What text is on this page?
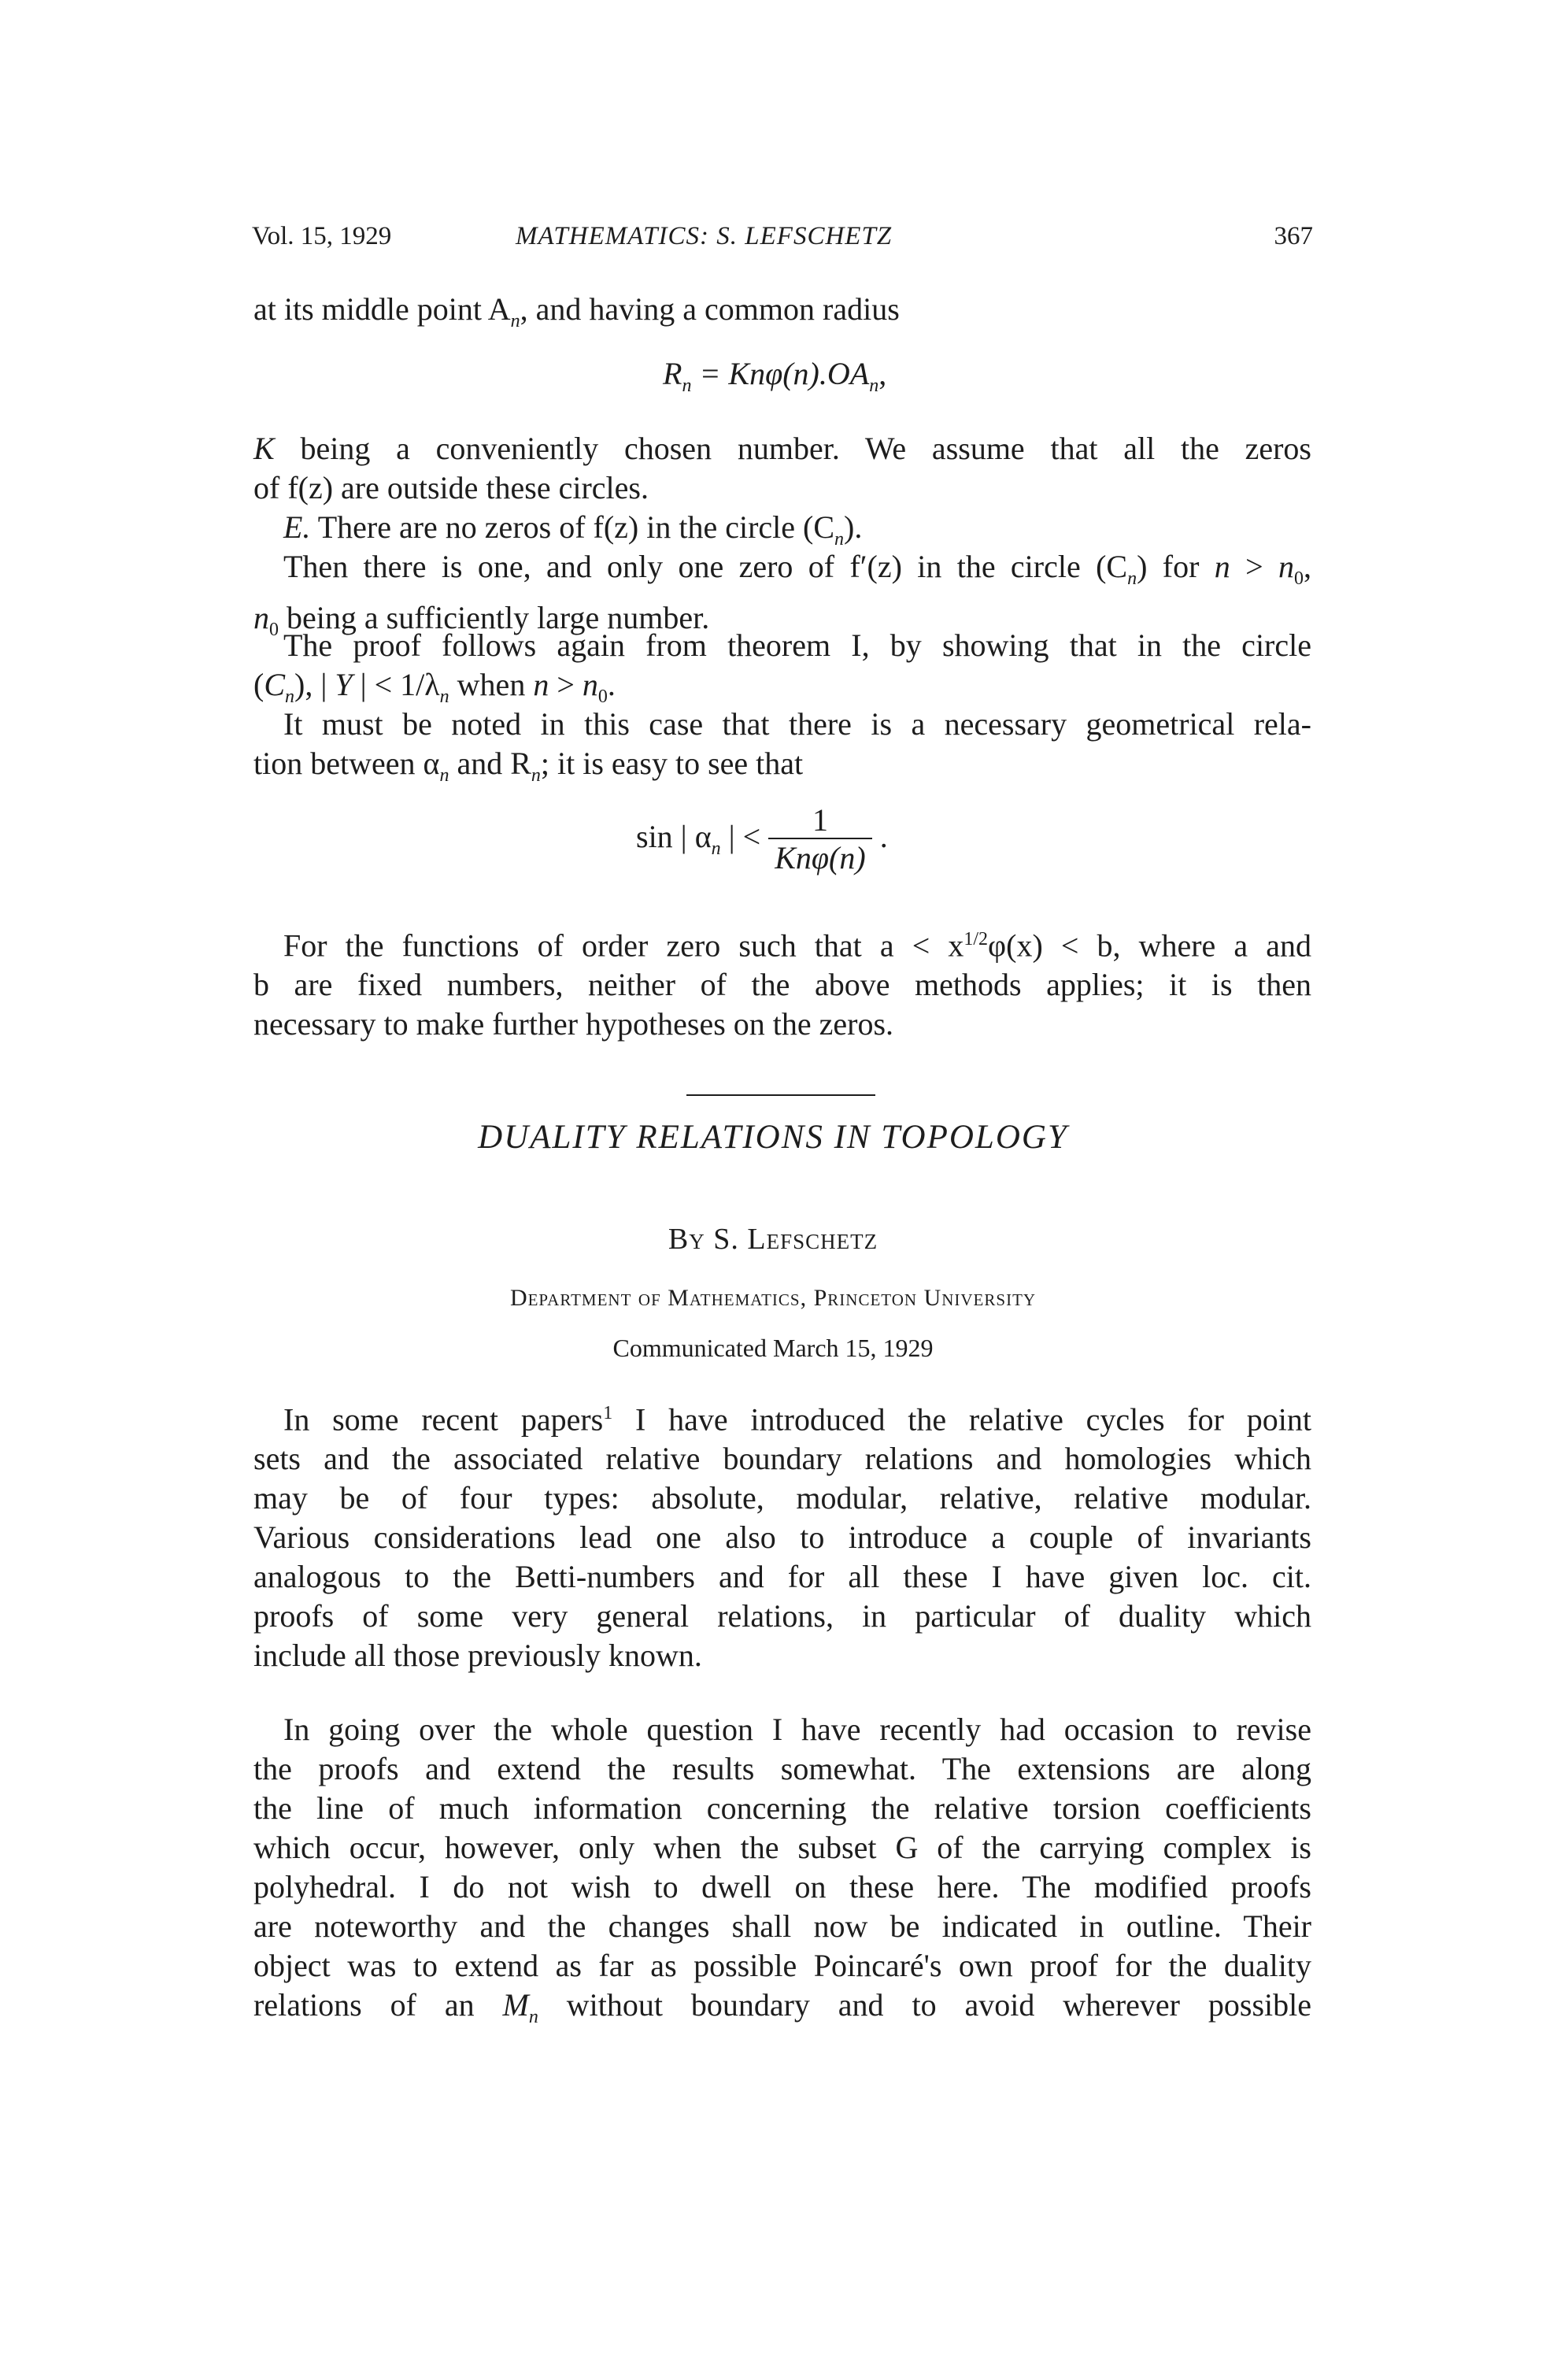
Vol. 15, 1929	MATHEMATICS: S. LEFSCHETZ	367
at its middle point $A_n$, and having a common radius
$R_n = Kn\varphi(n).OA_n$,
K being a conveniently chosen number. We assume that all the zeros
of f(z) are outside these circles.
E. There are no zeros of f(z) in the circle $(C_n)$.
Then there is one, and only one zero of f′(z) in the circle $(C_n)$ for $n > n_0$,
$n_0$ being a sufficiently large number.
The proof follows again from theorem I, by showing that in the circle
$(C_n)$, | Y | < $1/\lambda_n$ when $n > n_0$.
It must be noted in this case that there is a necessary geometrical rela-
tion between $\alpha_n$ and $R_n$; it is easy to see that
sin | $\alpha_n$ | < $\frac{1}{\text{Knφ(n)}}$ .
For the functions of order zero such that $a < x^{1/2}\varphi(x) < b$, where a and
b are fixed numbers, neither of the above methods applies; it is then
necessary to make further hypotheses on the zeros.
DUALITY RELATIONS IN TOPOLOGY
By S. Lefschetz
Department of Mathematics, Princeton University
Communicated March 15, 1929
In some recent papers$^1$ I have introduced the relative cycles for point
sets and the associated relative boundary relations and homologies which
may be of four types: absolute, modular, relative, relative modular.
Various considerations lead one also to introduce a couple of invariants
analogous to the Betti-numbers and for all these I have given loc. cit.
proofs of some very general relations, in particular of duality which
include all those previously known.
In going over the whole question I have recently had occasion to revise
the proofs and extend the results somewhat. The extensions are along
the line of much information concerning the relative torsion coefficients
which occur, however, only when the subset G of the carrying complex is
polyhedral. I do not wish to dwell on these here. The modified proofs
are noteworthy and the changes shall now be indicated in outline. Their
object was to extend as far as possible Poincaré's own proof for the duality
relations of an $M_n$ without boundary and to avoid wherever possible
